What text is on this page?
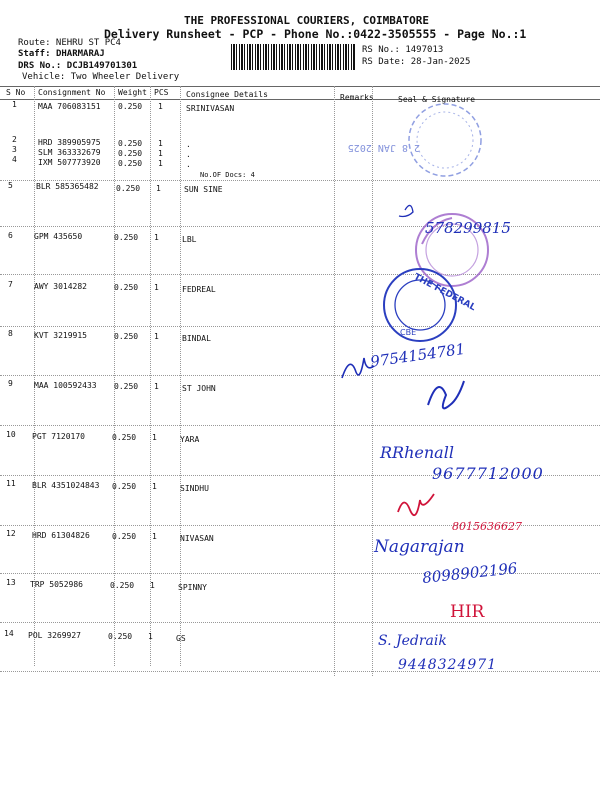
THE PROFESSIONAL COURIERS, COIMBATORE
Delivery Runsheet - PCP - Phone No.:0422-3505555 - Page No.:1
Route: NEHRU ST PC4
Staff: DHARMARAJ
DRS No.: DCJB149701301
Vehicle: Two Wheeler Delivery
RS No.: 1497013
RS Date: 28-Jan-2025
S No Consignment No Weight PCS Consignee Details	Remarks	Seal & Signature
1	MAA 706083151 0.250 1	SRINIVASAN
2	HRD 389905975 0.250 1	.
3	SLM 363332679 0.250 1	.
4	IXM 507773920 0.250 1	.
No.OF Docs: 4
5	BLR 585365482 0.250 1	SUN SINE
6	GPM 435650	0.250 1	LBL
7	AWY 3014282	0.250 1	FEDREAL
8	KVT 3219915	0.250 1	BINDAL
9	MAA 100592433 0.250 1	ST JOHN
10 PGT 7120170	0.250 1	YARA
11 BLR 4351024843 0.250 1	SINDHU
12 HRD 61304826	0.250 1	NIVASAN
13 TRP 5052986	0.250 1	SPINNY
14 POL 3269927	0.250 1	GS
2 8 JAN 2025
THE FEDERAL
CBE
578299815
9754154781
RRhenall
9677712000
8015636627
Nagarajan
8098902196
HIR
S. Jedraik
9448324971
